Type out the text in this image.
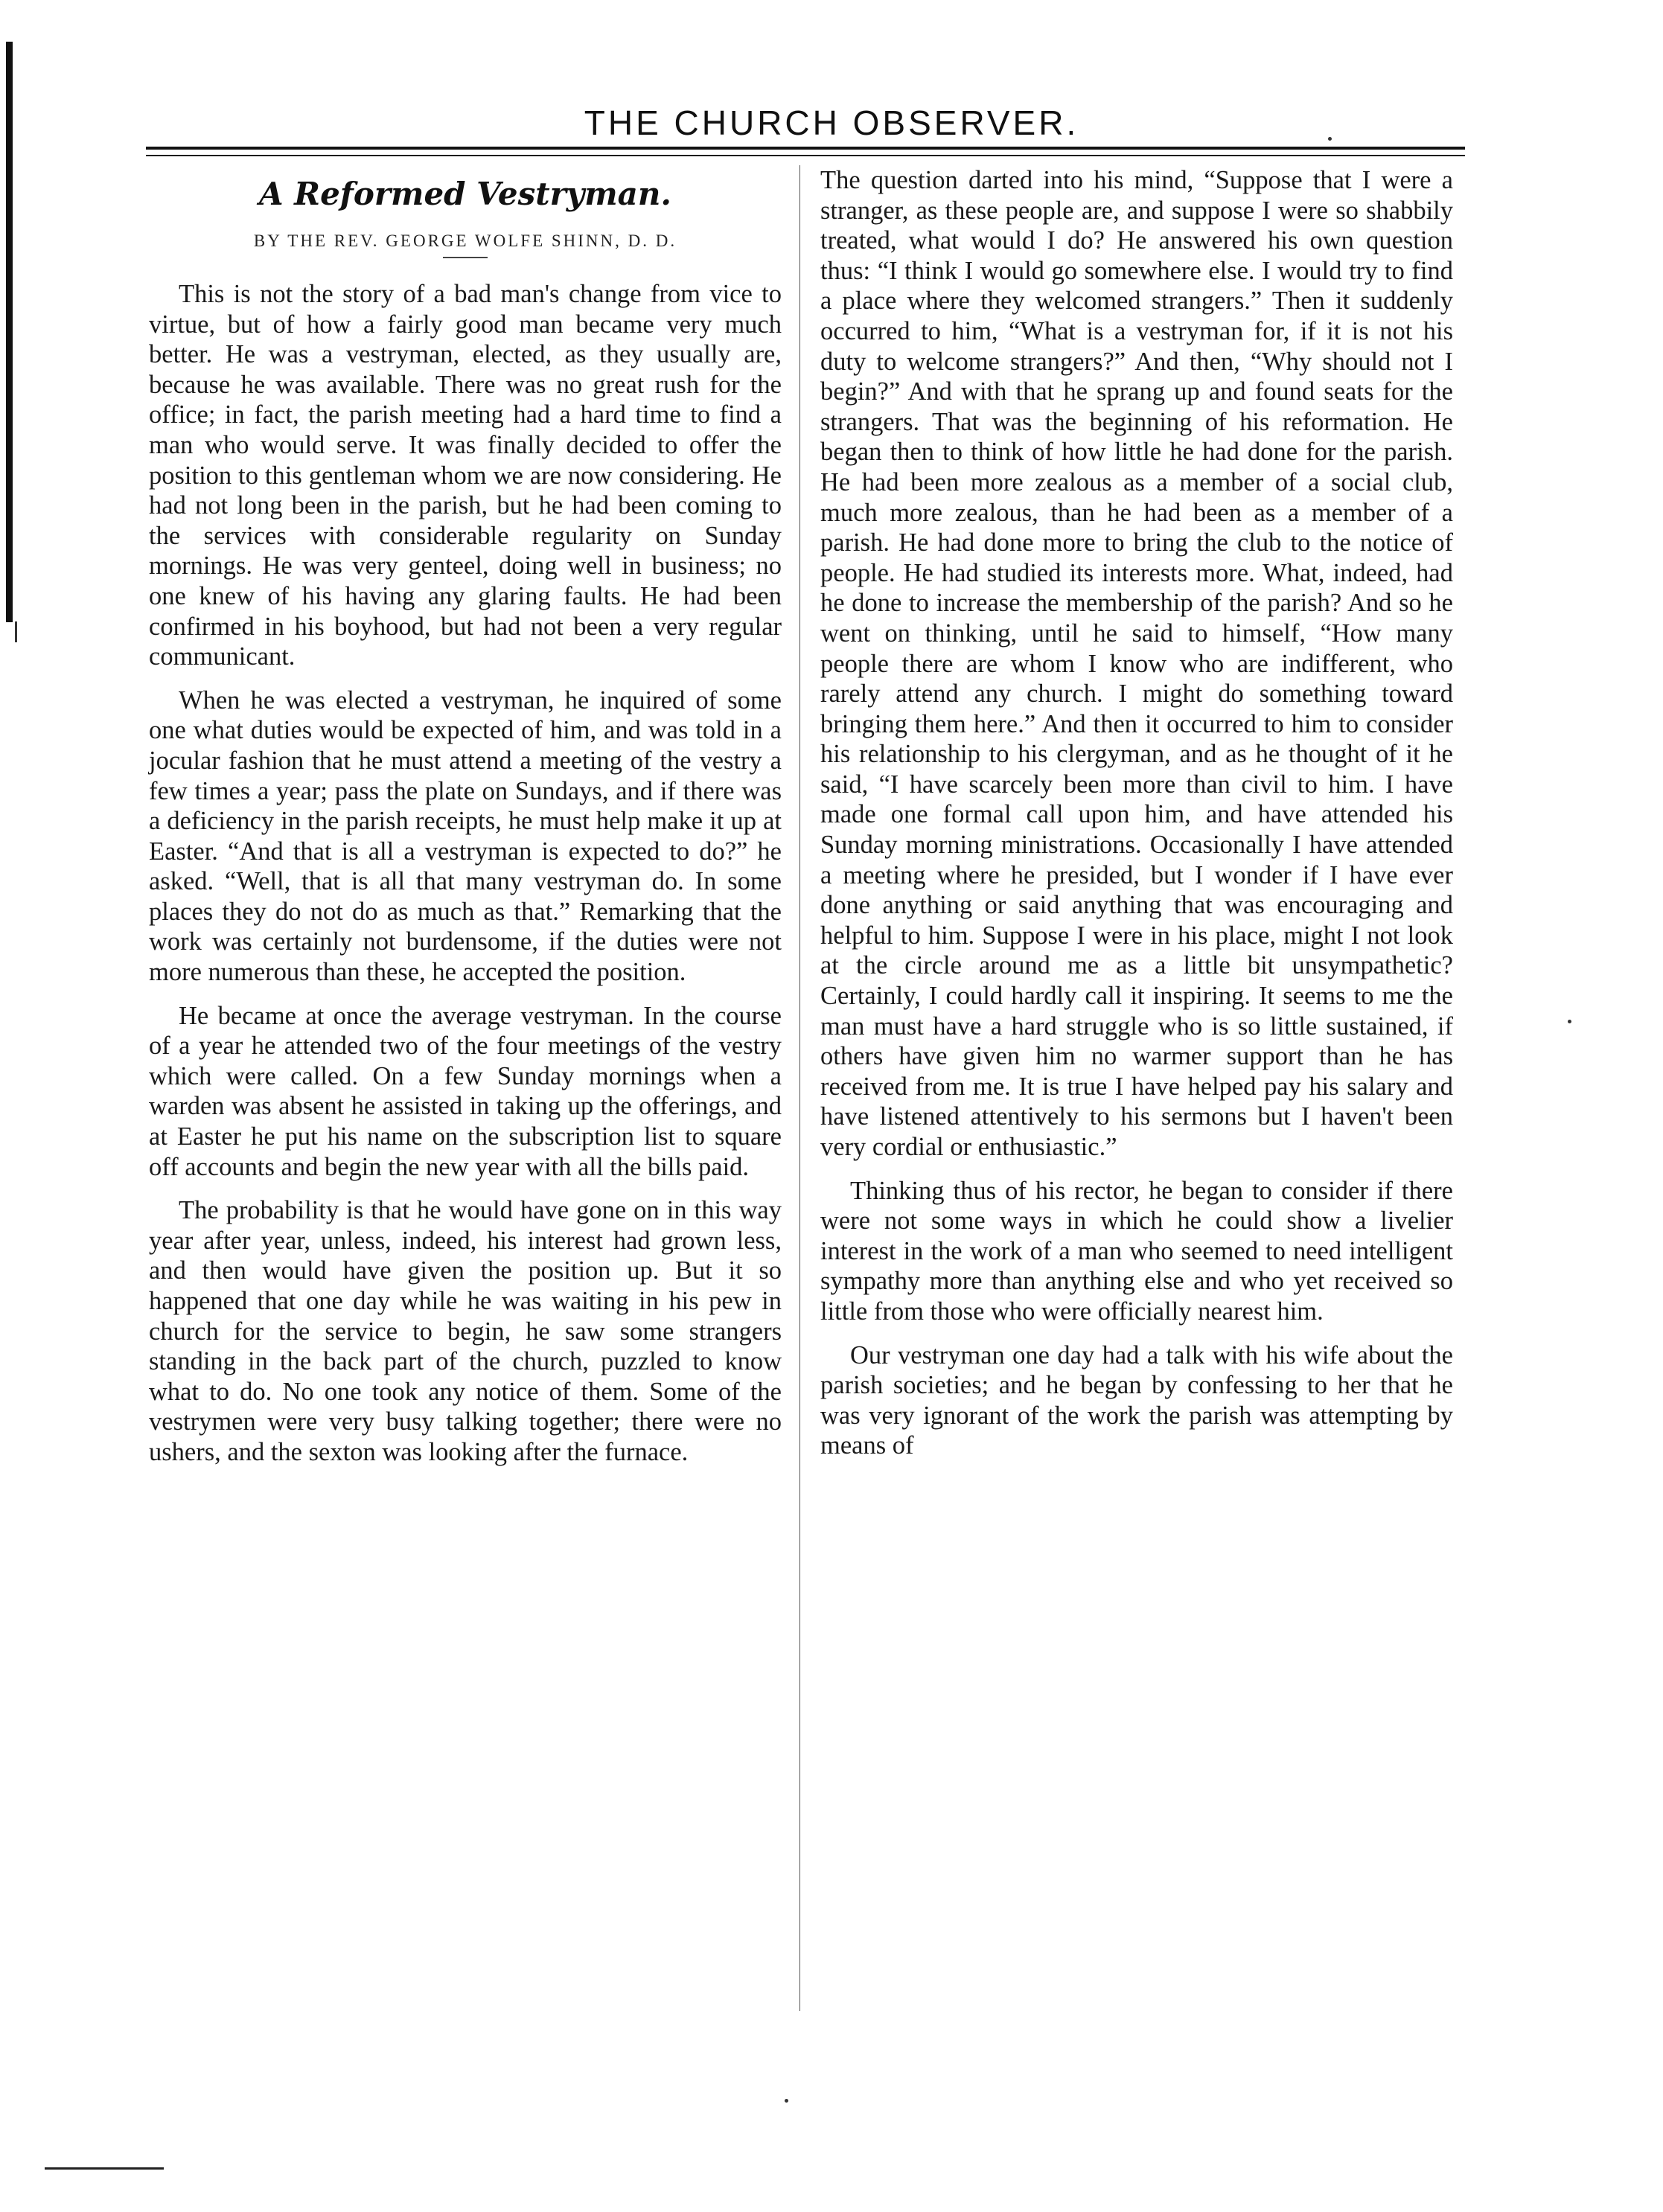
THE CHURCH OBSERVER.
A Reformed Vestryman.
BY THE REV. GEORGE WOLFE SHINN, D. D.

This is not the story of a bad man's change from vice to virtue, but of how a fairly good man became very much better. He was a vestryman, elected, as they usually are, because he was available. There was no great rush for the office; in fact, the parish meeting had a hard time to find a man who would serve. It was finally decided to offer the position to this gentleman whom we are now considering. He had not long been in the parish, but he had been coming to the services with considerable regularity on Sunday mornings. He was very genteel, doing well in business; no one knew of his having any glaring faults. He had been confirmed in his boyhood, but had not been a very regular communicant.

When he was elected a vestryman, he inquired of some one what duties would be expected of him, and was told in a jocular fashion that he must attend a meeting of the vestry a few times a year; pass the plate on Sundays, and if there was a deficiency in the parish receipts, he must help make it up at Easter. “And that is all a vestryman is expected to do?” he asked. “Well, that is all that many vestryman do. In some places they do not do as much as that.” Remarking that the work was certainly not burdensome, if the duties were not more numerous than these, he accepted the position.

He became at once the average vestryman. In the course of a year he attended two of the four meetings of the vestry which were called. On a few Sunday mornings when a warden was absent he assisted in taking up the offerings, and at Easter he put his name on the subscription list to square off accounts and begin the new year with all the bills paid.

The probability is that he would have gone on in this way year after year, unless, indeed, his interest had grown less, and then would have given the position up. But it so happened that one day while he was waiting in his pew in church for the service to begin, he saw some strangers standing in the back part of the church, puzzled to know what to do. No one took any notice of them. Some of the vestrymen were very busy talking together; there were no ushers, and the sexton was looking after the furnace.

The question darted into his mind, “Suppose that I were a stranger, as these people are, and suppose I were so shabbily treated, what would I do? He answered his own question thus: “I think I would go somewhere else. I would try to find a place where they welcomed strangers.” Then it suddenly occurred to him, “What is a vestryman for, if it is not his duty to welcome strangers?” And then, “Why should not I begin?” And with that he sprang up and found seats for the strangers. That was the beginning of his reformation. He began then to think of how little he had done for the parish. He had been more zealous as a member of a social club, much more zealous, than he had been as a member of a parish. He had done more to bring the club to the notice of people. He had studied its interests more. What, indeed, had he done to increase the membership of the parish? And so he went on thinking, until he said to himself, “How many people there are whom I know who are indifferent, who rarely attend any church. I might do something toward bringing them here.” And then it occurred to him to consider his relationship to his clergyman, and as he thought of it he said, “I have scarcely been more than civil to him. I have made one formal call upon him, and have attended his Sunday morning ministrations. Occasionally I have attended a meeting where he presided, but I wonder if I have ever done anything or said anything that was encouraging and helpful to him. Suppose I were in his place, might I not look at the circle around me as a little bit unsympathetic? Certainly, I could hardly call it inspiring. It seems to me the man must have a hard struggle who is so little sustained, if others have given him no warmer support than he has received from me. It is true I have helped pay his salary and have listened attentively to his sermons but I haven't been very cordial or enthusiastic.”

Thinking thus of his rector, he began to consider if there were not some ways in which he could show a livelier interest in the work of a man who seemed to need intelligent sympathy more than anything else and who yet received so little from those who were officially nearest him.

Our vestryman one day had a talk with his wife about the parish societies; and he began by confessing to her that he was very ignorant of the work the parish was attempting by means of
